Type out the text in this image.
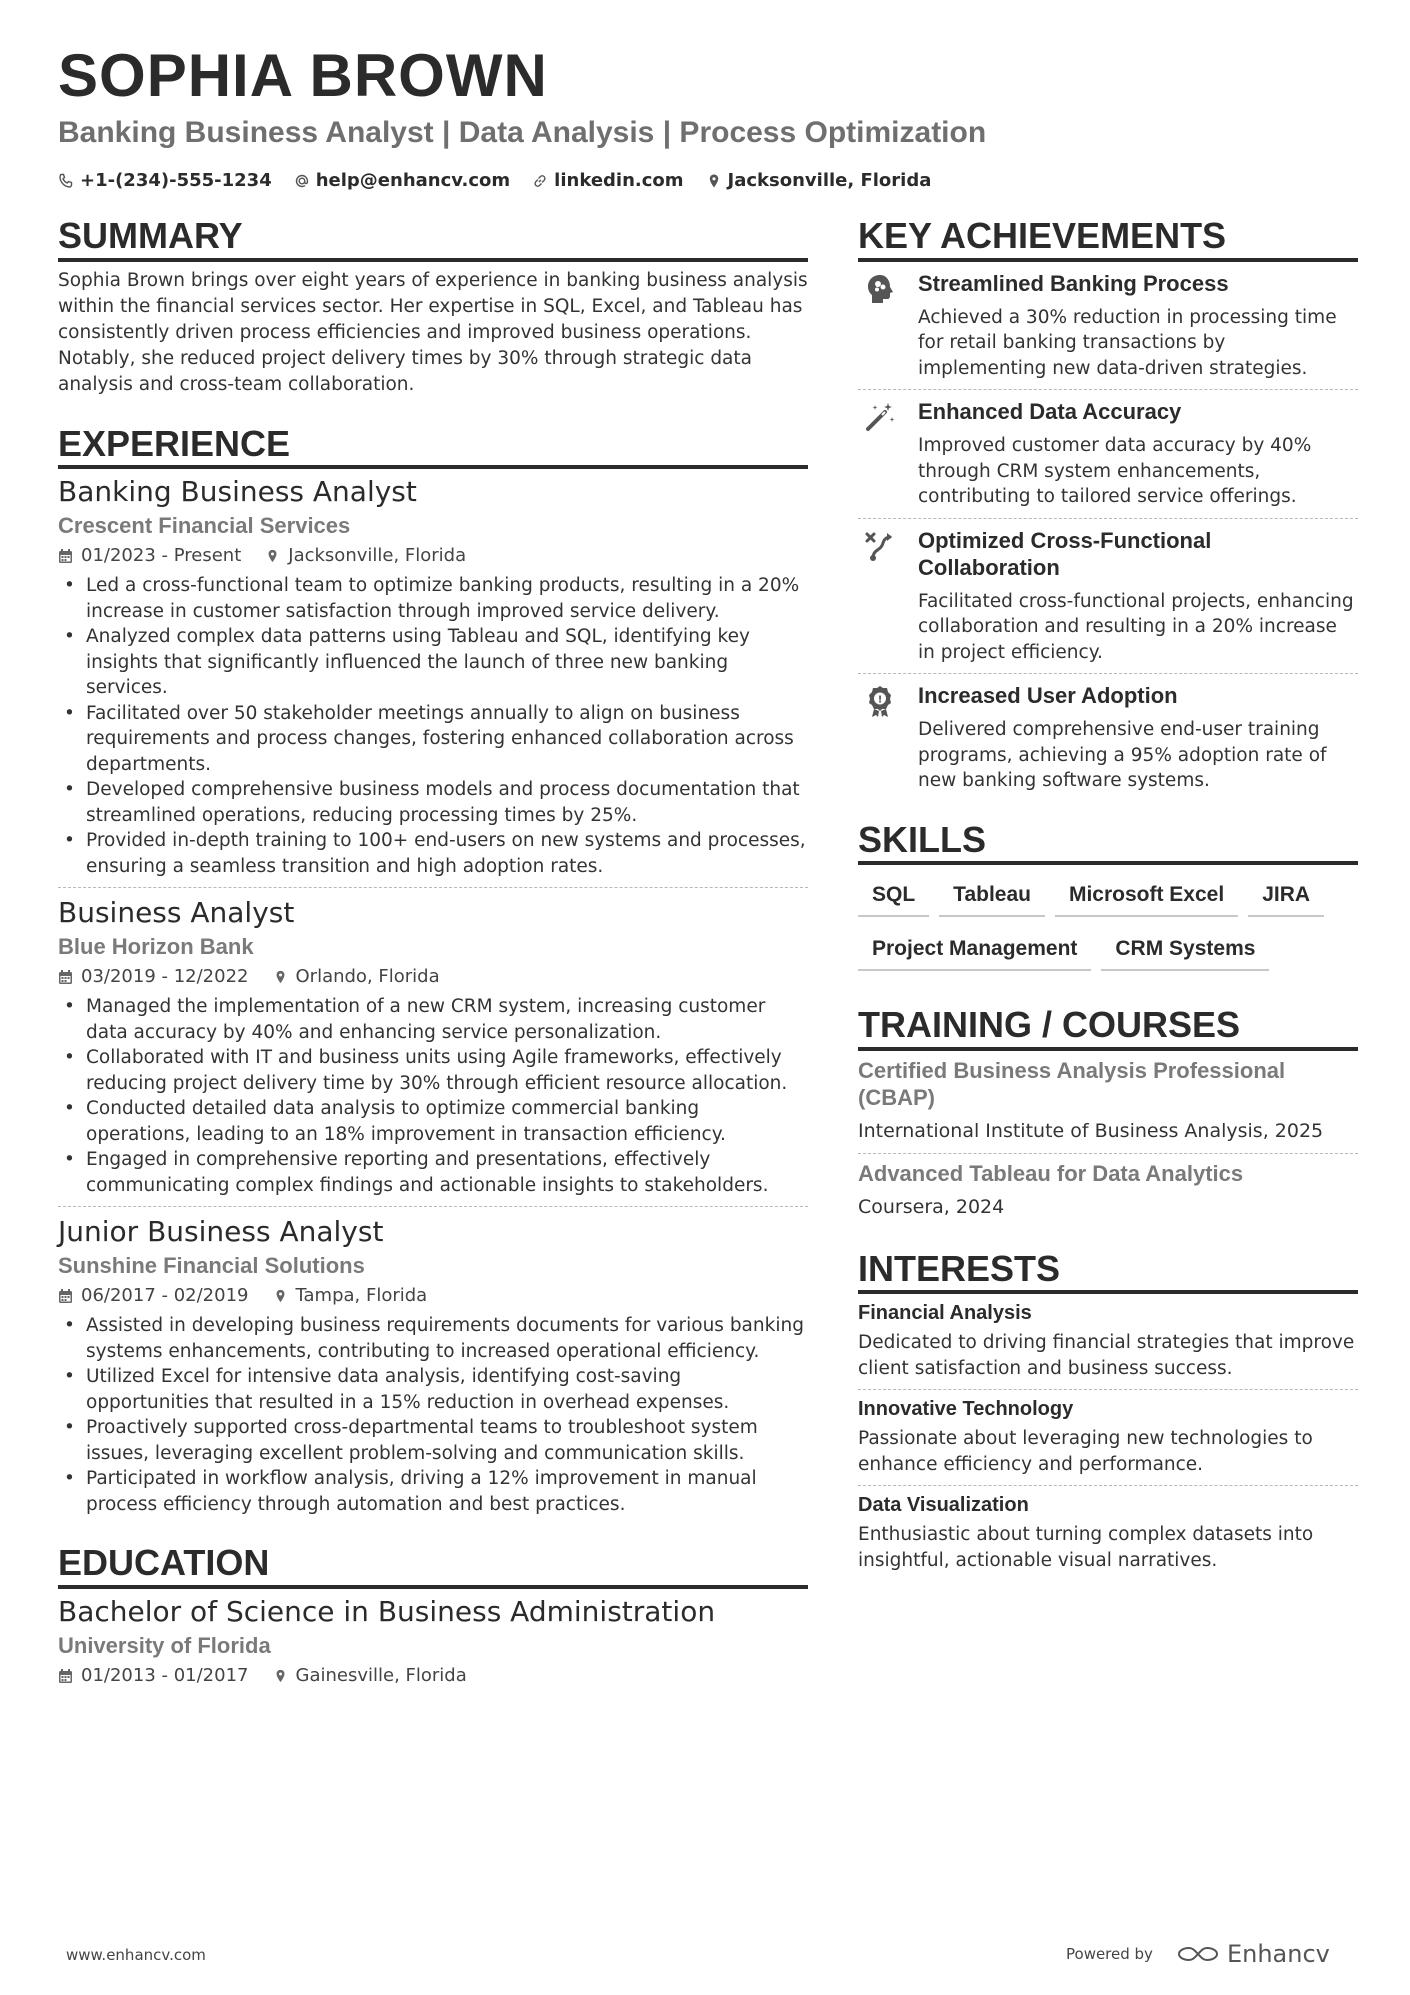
SOPHIA BROWN
Banking Business Analyst | Data Analysis | Process Optimization
+1-(234)-555-1234 help@enhancv.com linkedin.com Jacksonville, Florida
SUMMARY
Sophia Brown brings over eight years of experience in banking business analysis within the financial services sector. Her expertise in SQL, Excel, and Tableau has consistently driven process efficiencies and improved business operations. Notably, she reduced project delivery times by 30% through strategic data analysis and cross-team collaboration.
EXPERIENCE
Banking Business Analyst
Crescent Financial Services
01/2023 - Present	Jacksonville, Florida
• Led a cross-functional team to optimize banking products, resulting in a 20% increase in customer satisfaction through improved service delivery.
• Analyzed complex data patterns using Tableau and SQL, identifying key insights that significantly influenced the launch of three new banking services.
• Facilitated over 50 stakeholder meetings annually to align on business requirements and process changes, fostering enhanced collaboration across departments.
• Developed comprehensive business models and process documentation that streamlined operations, reducing processing times by 25%.
• Provided in-depth training to 100+ end-users on new systems and processes, ensuring a seamless transition and high adoption rates.
Business Analyst
Blue Horizon Bank
03/2019 - 12/2022	Orlando, Florida
• Managed the implementation of a new CRM system, increasing customer data accuracy by 40% and enhancing service personalization.
• Collaborated with IT and business units using Agile frameworks, effectively reducing project delivery time by 30% through efficient resource allocation.
• Conducted detailed data analysis to optimize commercial banking operations, leading to an 18% improvement in transaction efficiency.
• Engaged in comprehensive reporting and presentations, effectively communicating complex findings and actionable insights to stakeholders.
Junior Business Analyst
Sunshine Financial Solutions
06/2017 - 02/2019	Tampa, Florida
• Assisted in developing business requirements documents for various banking systems enhancements, contributing to increased operational efficiency.
• Utilized Excel for intensive data analysis, identifying cost-saving opportunities that resulted in a 15% reduction in overhead expenses.
• Proactively supported cross-departmental teams to troubleshoot system issues, leveraging excellent problem-solving and communication skills.
• Participated in workflow analysis, driving a 12% improvement in manual process efficiency through automation and best practices.
EDUCATION
Bachelor of Science in Business Administration
University of Florida
01/2013 - 01/2017	Gainesville, Florida
KEY ACHIEVEMENTS
Streamlined Banking Process
Achieved a 30% reduction in processing time for retail banking transactions by implementing new data-driven strategies.
Enhanced Data Accuracy
Improved customer data accuracy by 40% through CRM system enhancements, contributing to tailored service offerings.
Optimized Cross-Functional Collaboration
Facilitated cross-functional projects, enhancing collaboration and resulting in a 20% increase in project efficiency.
! Increased User Adoption
Delivered comprehensive end-user training programs, achieving a 95% adoption rate of new banking software systems.
SKILLS
SQL	Tableau	Microsoft Excel	JIRA
Project Management	CRM Systems
TRAINING / COURSES
Certified Business Analysis Professional (CBAP)
International Institute of Business Analysis, 2025
Advanced Tableau for Data Analytics
Coursera, 2024
INTERESTS
Financial Analysis
Dedicated to driving financial strategies that improve client satisfaction and business success.
Innovative Technology
Passionate about leveraging new technologies to enhance efficiency and performance.
Data Visualization
Enthusiastic about turning complex datasets into insightful, actionable visual narratives.
www.enhancv.com	Powered by	Enhancv
